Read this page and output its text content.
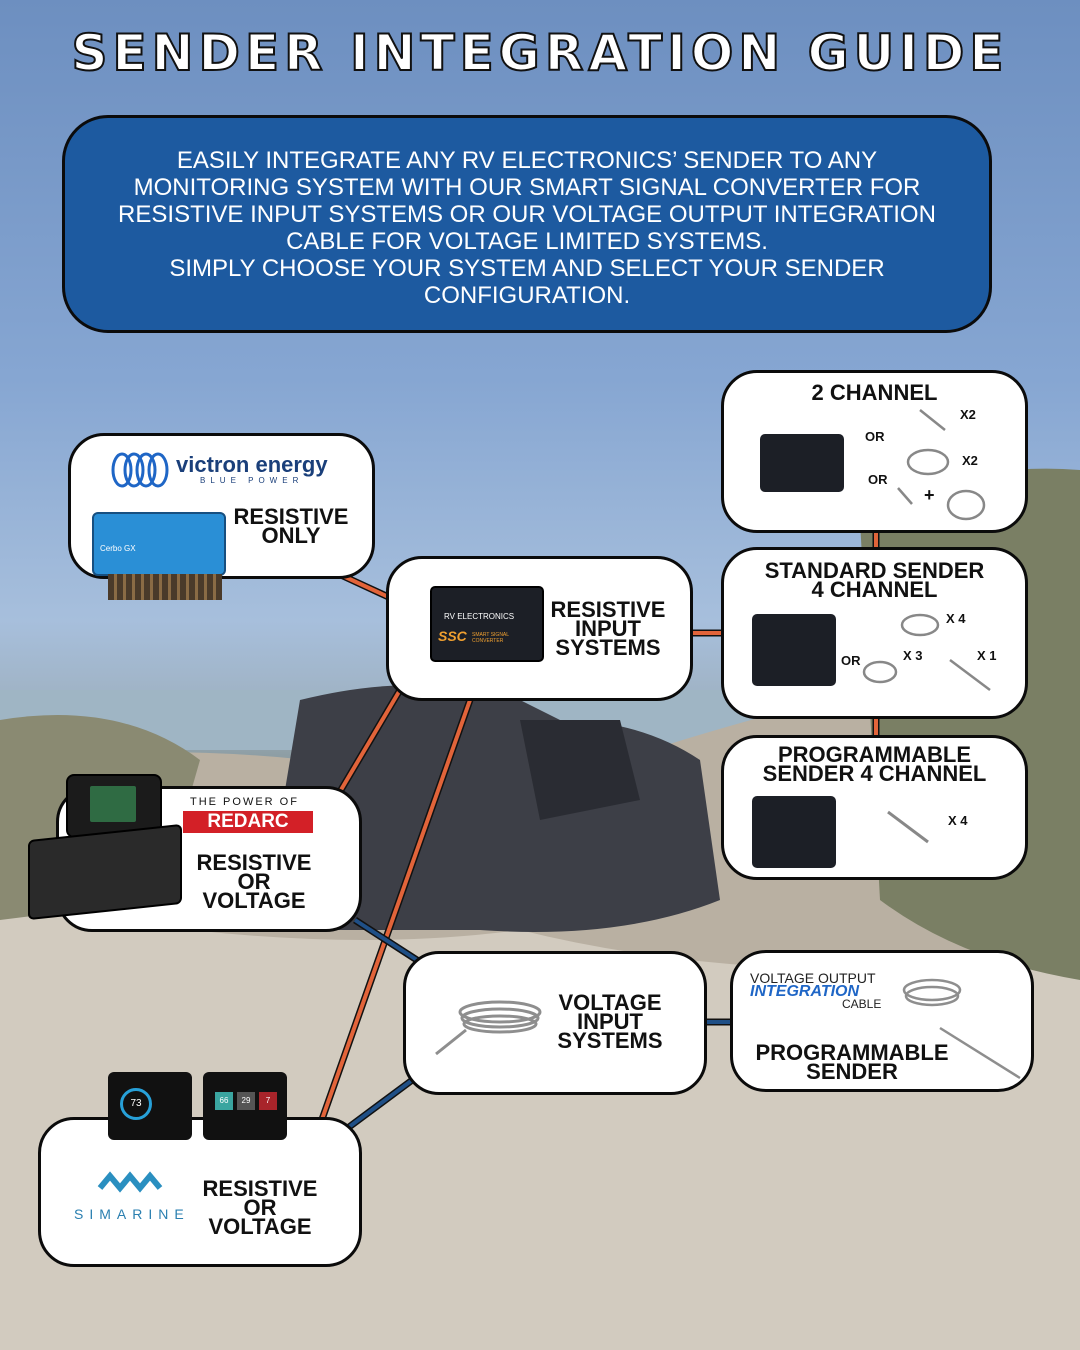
SENDER INTEGRATION GUIDE
EASILY INTEGRATE ANY RV ELECTRONICS’ SENDER TO ANY
MONITORING SYSTEM WITH OUR SMART SIGNAL CONVERTER FOR
RESISTIVE INPUT SYSTEMS OR OUR VOLTAGE OUTPUT INTEGRATION
CABLE FOR VOLTAGE LIMITED SYSTEMS.
SIMPLY CHOOSE YOUR SYSTEM AND SELECT YOUR SENDER
CONFIGURATION.
victron energy
BLUE POWER
Cerbo GX
RESISTIVE
ONLY
RV ELECTRONICS
SSC SMART SIGNAL CONVERTER
RESISTIVE
INPUT
SYSTEMS
THE POWER OF
REDARC
RESISTIVE
OR
VOLTAGE
VOLTAGE
INPUT
SYSTEMS
73	66	29	7
SIMARINE
RESISTIVE
OR
VOLTAGE
2 CHANNEL
OR
OR
X2
X2
+
STANDARD SENDER
4 CHANNEL
OR
X 4
X 3	X 1
PROGRAMMABLE
SENDER 4 CHANNEL
X 4
VOLTAGE OUTPUT
INTEGRATION
CABLE
PROGRAMMABLE
SENDER
